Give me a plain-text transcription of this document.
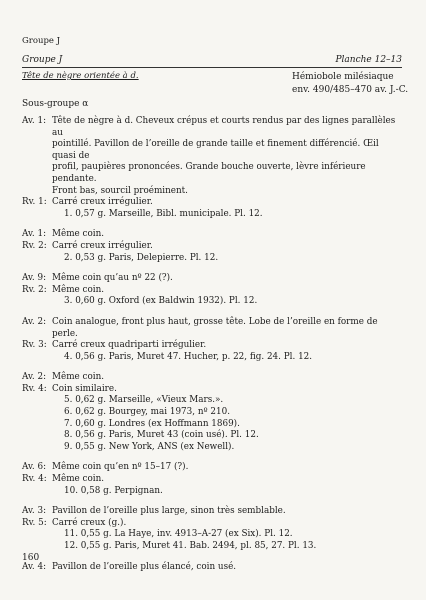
Groupe J
Groupe J	Planche 12–13
Tête de nègre orientée à d.	Hémiobole milésiaque
env. 490/485–470 av. J.-C.
Sous-groupe α
Av. 1: Tête de nègre à d. Cheveux crépus et courts rendus par des lignes parallèles au
pointillé. Pavillon de l’oreille de grande taille et finement différencié. Œil quasi de
profil, paupières prononcées. Grande bouche ouverte, lèvre inférieure pendante.
Front bas, sourcil proéminent.
Rv. 1: Carré creux irrégulier.
1. 0,57 g. Marseille, Bibl. municipale. Pl. 12.
Av. 1: Même coin.
Rv. 2: Carré creux irrégulier.
2. 0,53 g. Paris, Delepierre. Pl. 12.
Av. 9: Même coin qu’au nº 22 (?).
Rv. 2: Même coin.
3. 0,60 g. Oxford (ex Baldwin 1932). Pl. 12.
Av. 2: Coin analogue, front plus haut, grosse tête. Lobe de l’oreille en forme de perle.
Rv. 3: Carré creux quadriparti irrégulier.
4. 0,56 g. Paris, Muret 47. Hucher, p. 22, fig. 24. Pl. 12.
Av. 2: Même coin.
Rv. 4: Coin similaire.
5. 0,62 g. Marseille, «Vieux Mars.».
6. 0,62 g. Bourgey, mai 1973, nº 210.
7. 0,60 g. Londres (ex Hoffmann 1869).
8. 0,56 g. Paris, Muret 43 (coin usé). Pl. 12.
9. 0,55 g. New York, ANS (ex Newell).
Av. 6: Même coin qu’en nº 15–17 (?).
Rv. 4: Même coin.
10. 0,58 g. Perpignan.
Av. 3: Pavillon de l’oreille plus large, sinon très semblable.
Rv. 5: Carré creux (g.).
11. 0,55 g. La Haye, inv. 4913–A-27 (ex Six). Pl. 12.
12. 0,55 g. Paris, Muret 41. Bab. 2494, pl. 85, 27. Pl. 13.
Av. 4: Pavillon de l’oreille plus élancé, coin usé.
160
